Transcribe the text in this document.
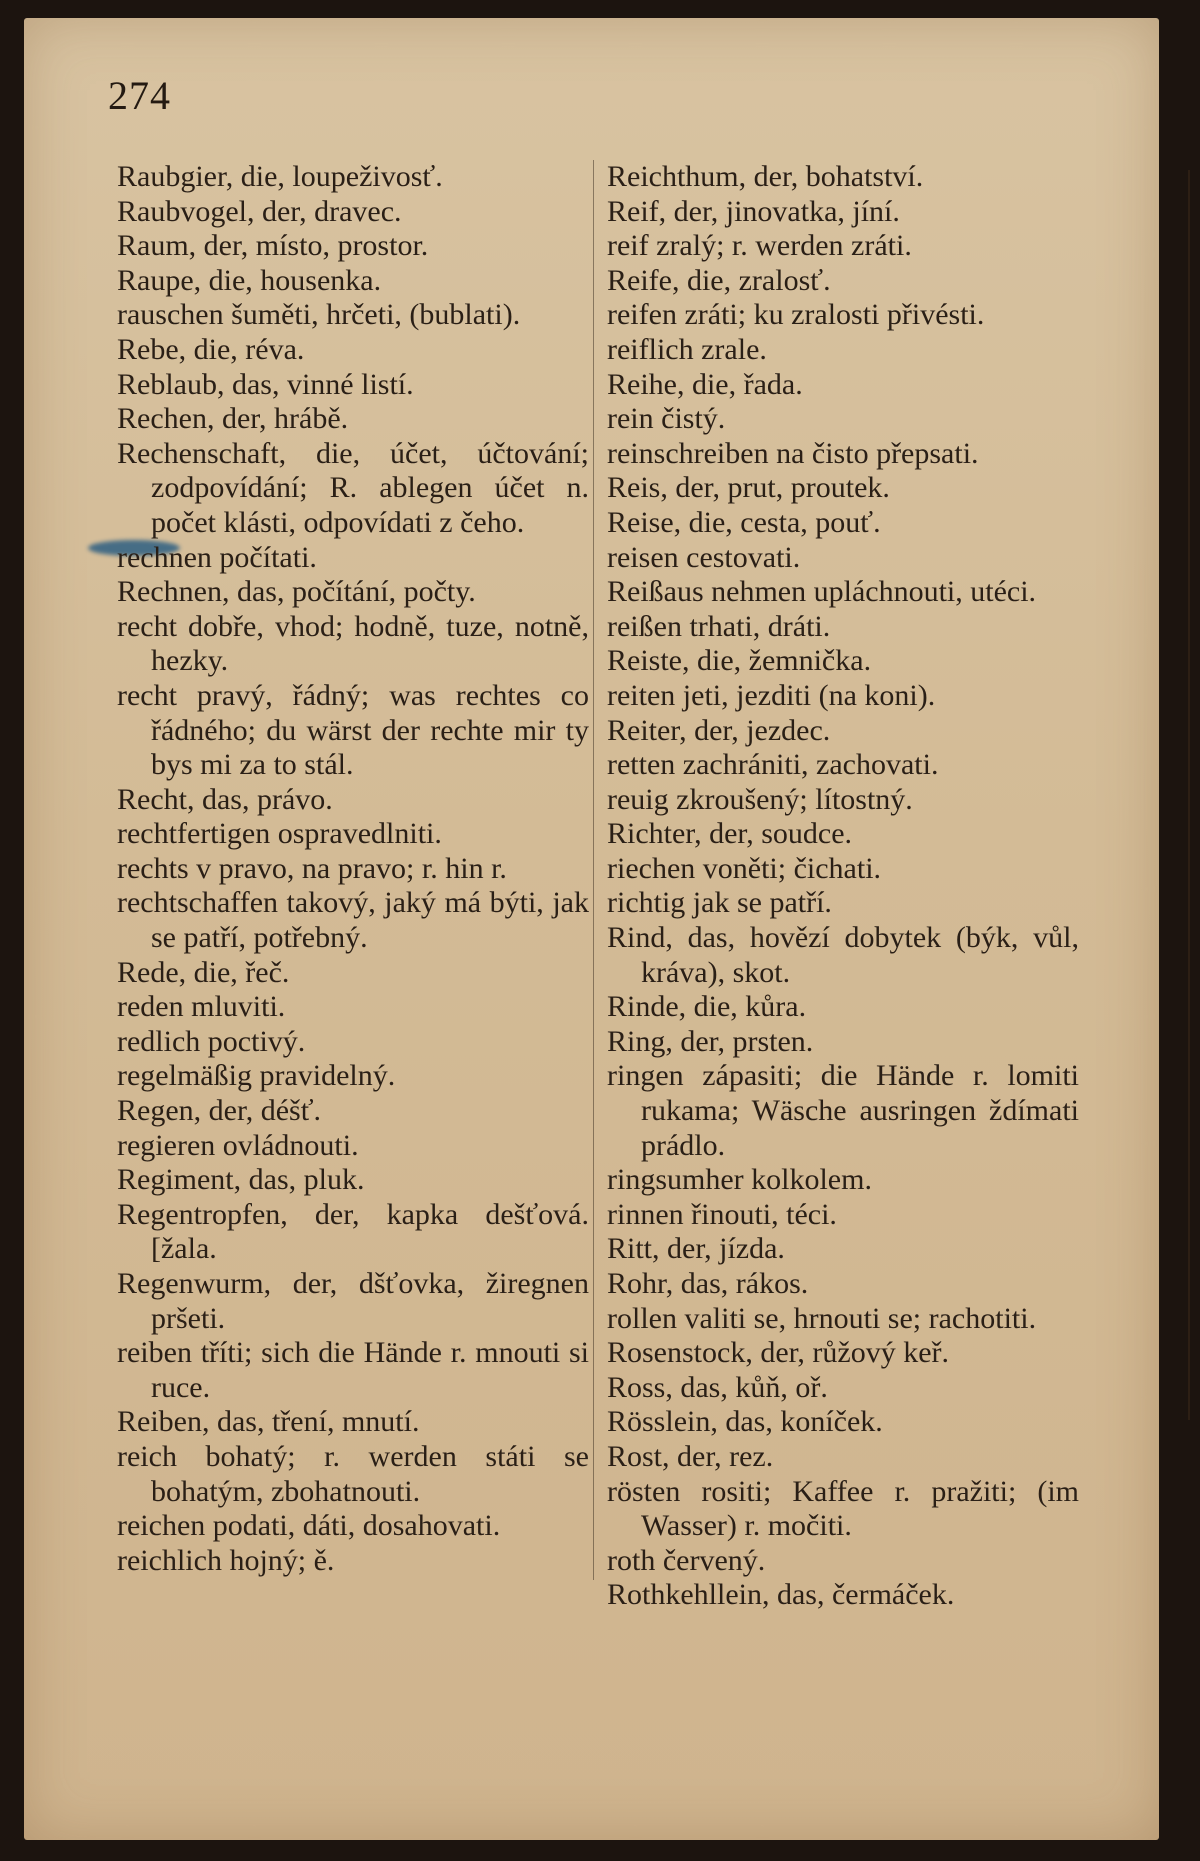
274
Raubgier, die, loupeživosť.
Raubvogel, der, dravec.
Raum, der, místo, prostor.
Raupe, die, housenka.
rauschen šuměti, hrčeti, (bublati).
Rebe, die, réva.
Reblaub, das, vinné listí.
Rechen, der, hrábě.
Rechenschaft, die, účet, účtování; zodpovídání; R. ablegen účet n. počet klásti, odpovídati z čeho.
rechnen počítati.
Rechnen, das, počítání, počty.
recht dobře, vhod; hodně, tuze, notně, hezky.
recht pravý, řádný; was rechtes co řádného; du wärst der rechte mir ty bys mi za to stál.
Recht, das, právo.
rechtfertigen ospravedlniti.
rechts v pravo, na pravo; r. hin r.
rechtschaffen takový, jaký má býti, jak se patří, potřebný.
Rede, die, řeč.
reden mluviti.
redlich poctivý.
regelmäßig pravidelný.
Regen, der, déšť.
regieren ovládnouti.
Regiment, das, pluk.
Regentropfen, der, kapka dešťová. [žala.
Regenwurm, der, dšťovka, žiregnen pršeti.
reiben tříti; sich die Hände r. mnouti si ruce.
Reiben, das, tření, mnutí.
reich bohatý; r. werden státi se bohatým, zbohatnouti.
reichen podati, dáti, dosahovati.
reichlich hojný; ě.
Reichthum, der, bohatství.
Reif, der, jinovatka, jíní.
reif zralý; r. werden zráti.
Reife, die, zralosť.
reifen zráti; ku zralosti přivésti.
reiflich zrale.
Reihe, die, řada.
rein čistý.
reinschreiben na čisto přepsati.
Reis, der, prut, proutek.
Reise, die, cesta, pouť.
reisen cestovati.
Reißaus nehmen upláchnouti, utéci.
reißen trhati, dráti.
Reiste, die, žemnička.
reiten jeti, jezditi (na koni).
Reiter, der, jezdec.
retten zachrániti, zachovati.
reuig zkroušený; lítostný.
Richter, der, soudce.
riechen voněti; čichati.
richtig jak se patří.
Rind, das, hovězí dobytek (býk, vůl, kráva), skot.
Rinde, die, kůra.
Ring, der, prsten.
ringen zápasiti; die Hände r. lomiti rukama; Wäsche ausringen ždímati prádlo.
ringsumher kolkolem.
rinnen řinouti, téci.
Ritt, der, jízda.
Rohr, das, rákos.
rollen valiti se, hrnouti se; rachotiti.
Rosenstock, der, růžový keř.
Ross, das, kůň, oř.
Rösslein, das, koníček.
Rost, der, rez.
rösten rositi; Kaffee r. pražiti; (im Wasser) r. močiti.
roth červený.
Rothkehllein, das, čermáček.
